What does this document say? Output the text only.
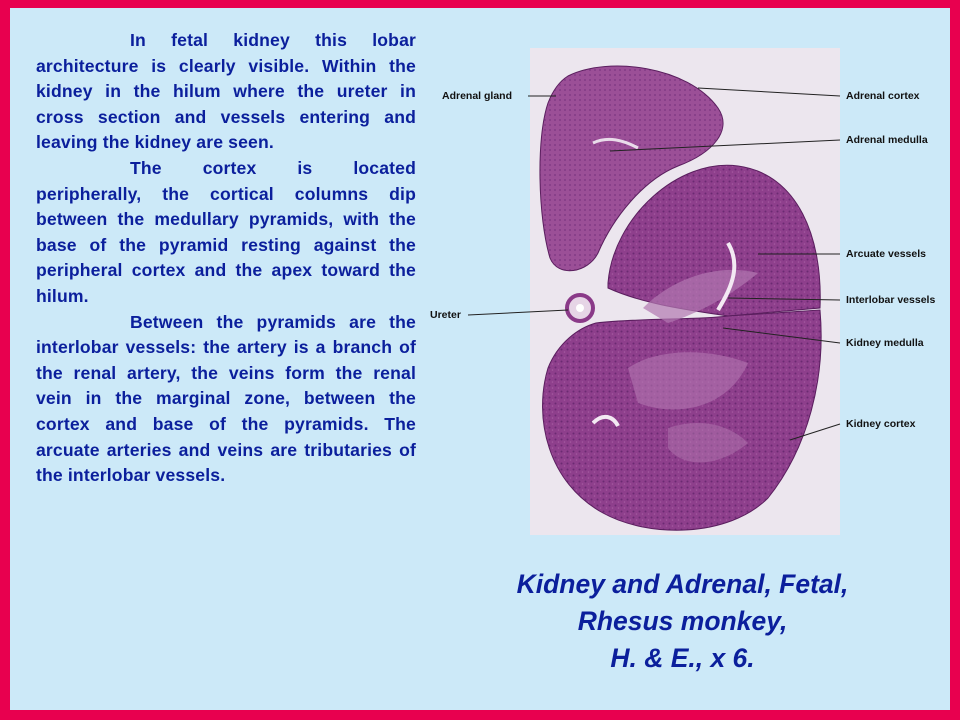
In fetal kidney this lobar architecture is clearly visible. Within the kidney in the hilum where the ureter in cross section and vessels entering and leaving the kidney are seen.

The cortex is located peripherally, the cortical columns dip between the medullary pyramids, with the base of the pyramid resting against the peripheral cortex and the apex toward the hilum.

Between the pyramids are the interlobar vessels: the artery is a branch of the renal artery, the veins form the renal vein in the marginal zone, between the cortex and base of the pyramids. The arcuate arteries and veins are tributaries of the interlobar vessels.

Adrenal gland	Adrenal cortex
Adrenal medulla
Arcuate vessels
Interlobar vessels
Kidney medulla
Kidney cortex
Ureter
Kidney and Adrenal, Fetal,
Rhesus monkey,
H. & E., x 6.
